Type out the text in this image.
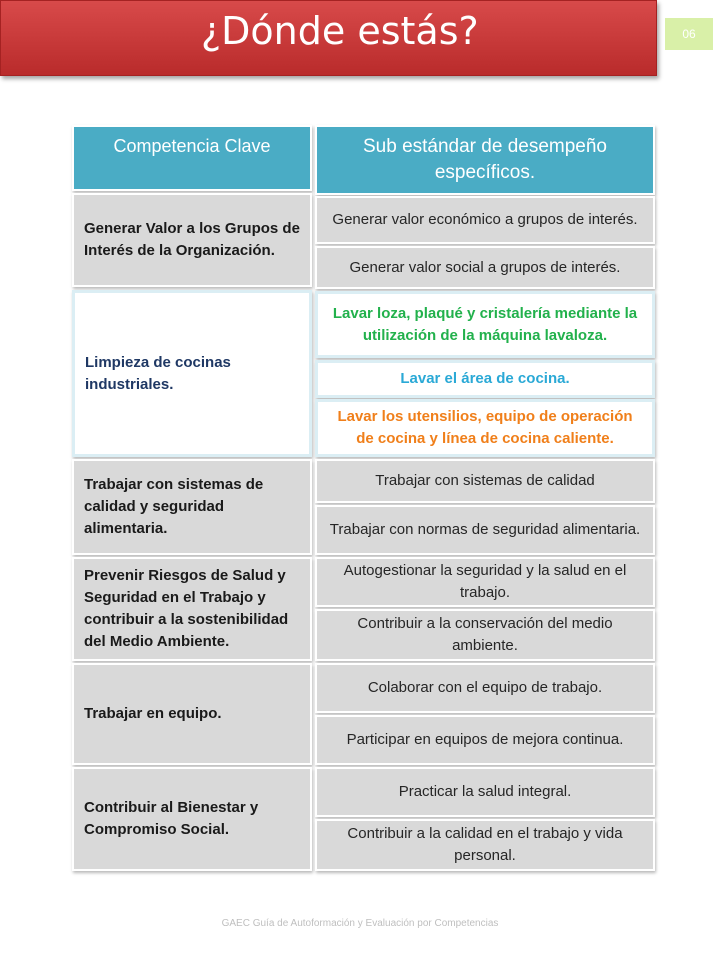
¿Dónde estás?	06
Competencia Clave	Sub estándar de desempeño específicos.
Generar Valor a los Grupos de Interés de la Organización.
Generar valor económico a grupos de interés.
Generar valor social a grupos de interés.
Limpieza de cocinas industriales.
Lavar loza, plaqué y cristalería mediante la utilización de la máquina lavaloza.
Lavar el área de cocina.
Lavar los utensilios, equipo de operación de cocina y línea de cocina caliente.
Trabajar con sistemas de calidad y seguridad alimentaria.
Trabajar con sistemas de calidad
Trabajar con normas de seguridad alimentaria.
Prevenir Riesgos de Salud y Seguridad en el Trabajo y contribuir a la sostenibilidad del Medio Ambiente.
Autogestionar la seguridad y la salud en el trabajo.
Contribuir a la conservación del medio ambiente.
Trabajar en equipo.
Colaborar con el equipo de trabajo.
Participar en equipos de mejora continua.
Contribuir al Bienestar y Compromiso Social.
Practicar la salud integral.
Contribuir a la calidad en el trabajo y vida personal.
GAEC Guía de Autoformación y Evaluación por Competencias
